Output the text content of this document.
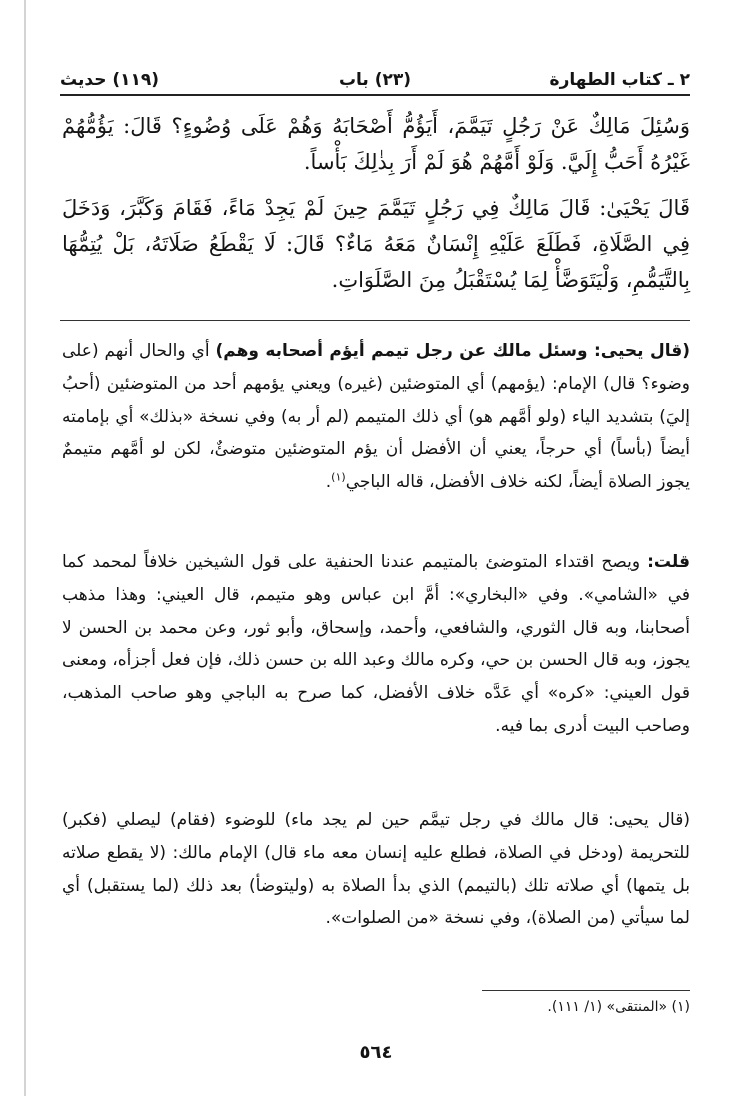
٢ ـ كتاب الطهارة
(٢٣) باب
(١١٩) حديث

وَسُئِلَ مَالِكٌ عَنْ رَجُلٍ تَيَمَّمَ، أَيَؤُمُّ أَصْحَابَهُ وَهُمْ عَلَى وُضُوءٍ؟ قَالَ: يَؤُمُّهُمْ غَيْرُهُ أَحَبُّ إِلَيَّ. وَلَوْ أَمَّهُمْ هُوَ لَمْ أَرَ بِذٰلِكَ بَأْساً.

قَالَ يَحْيَىٰ: قَالَ مَالِكٌ فِي رَجُلٍ تَيَمَّمَ حِينَ لَمْ يَجِدْ مَاءً، فَقَامَ وَكَبَّرَ، وَدَخَلَ فِي الصَّلَاةِ، فَطَلَعَ عَلَيْهِ إِنْسَانٌ مَعَهُ مَاءٌ؟ قَالَ: لَا يَقْطَعُ صَلَاتَهُ، بَلْ يُتِمُّهَا بِالتَّيَمُّمِ، وَلْيَتَوَضَّأْ لِمَا يُسْتَقْبَلُ مِنَ الصَّلَوَاتِ.

(قال يحيى: وسئل مالك عن رجل تيمم أيؤم أصحابه وهم) أي والحال أنهم (على وضوء؟ قال) الإمام: (يؤمهم) أي المتوضئين (غيره) ويعني يؤمهم أحد من المتوضئين (أحبُ إليَ) بتشديد الياء (ولو أمَّهم هو) أي ذلك المتيمم (لم أر به) وفي نسخة «بذلك» أي بإمامته أيضاً (بأساً) أي حرجاً، يعني أن الأفضل أن يؤم المتوضئين متوضئٌ، لكن لو أمَّهم متيممٌ يجوز الصلاة أيضاً، لكنه خلاف الأفضل، قاله الباجي$^{(١)}$.

قلت: ويصح اقتداء المتوضئ بالمتيمم عندنا الحنفية على قول الشيخين خلافاً لمحمد كما في «الشامي». وفي «البخاري»: أمَّ ابن عباس وهو متيمم، قال العيني: وهذا مذهب أصحابنا، وبه قال الثوري، والشافعي، وأحمد، وإسحاق، وأبو ثور، وعن محمد بن الحسن لا يجوز، وبه قال الحسن بن حي، وكره مالك وعبد الله بن حسن ذلك، فإن فعل أجزأه، ومعنى قول العيني: «كره» أي عَدَّه خلاف الأفضل، كما صرح به الباجي وهو صاحب المذهب، وصاحب البيت أدرى بما فيه.

(قال يحيى: قال مالك في رجل تيمَّم حين لم يجد ماء) للوضوء (فقام) ليصلي (فكبر) للتحريمة (ودخل في الصلاة، فطلع عليه إنسان معه ماء قال) الإمام مالك: (لا يقطع صلاته بل يتمها) أي صلاته تلك (بالتيمم) الذي بدأ الصلاة به (وليتوضأ) بعد ذلك (لما يستقبل) أي لما سيأتي (من الصلاة)، وفي نسخة «من الصلوات».

(١) «المنتقى» (١/ ١١١).
٥٦٤
